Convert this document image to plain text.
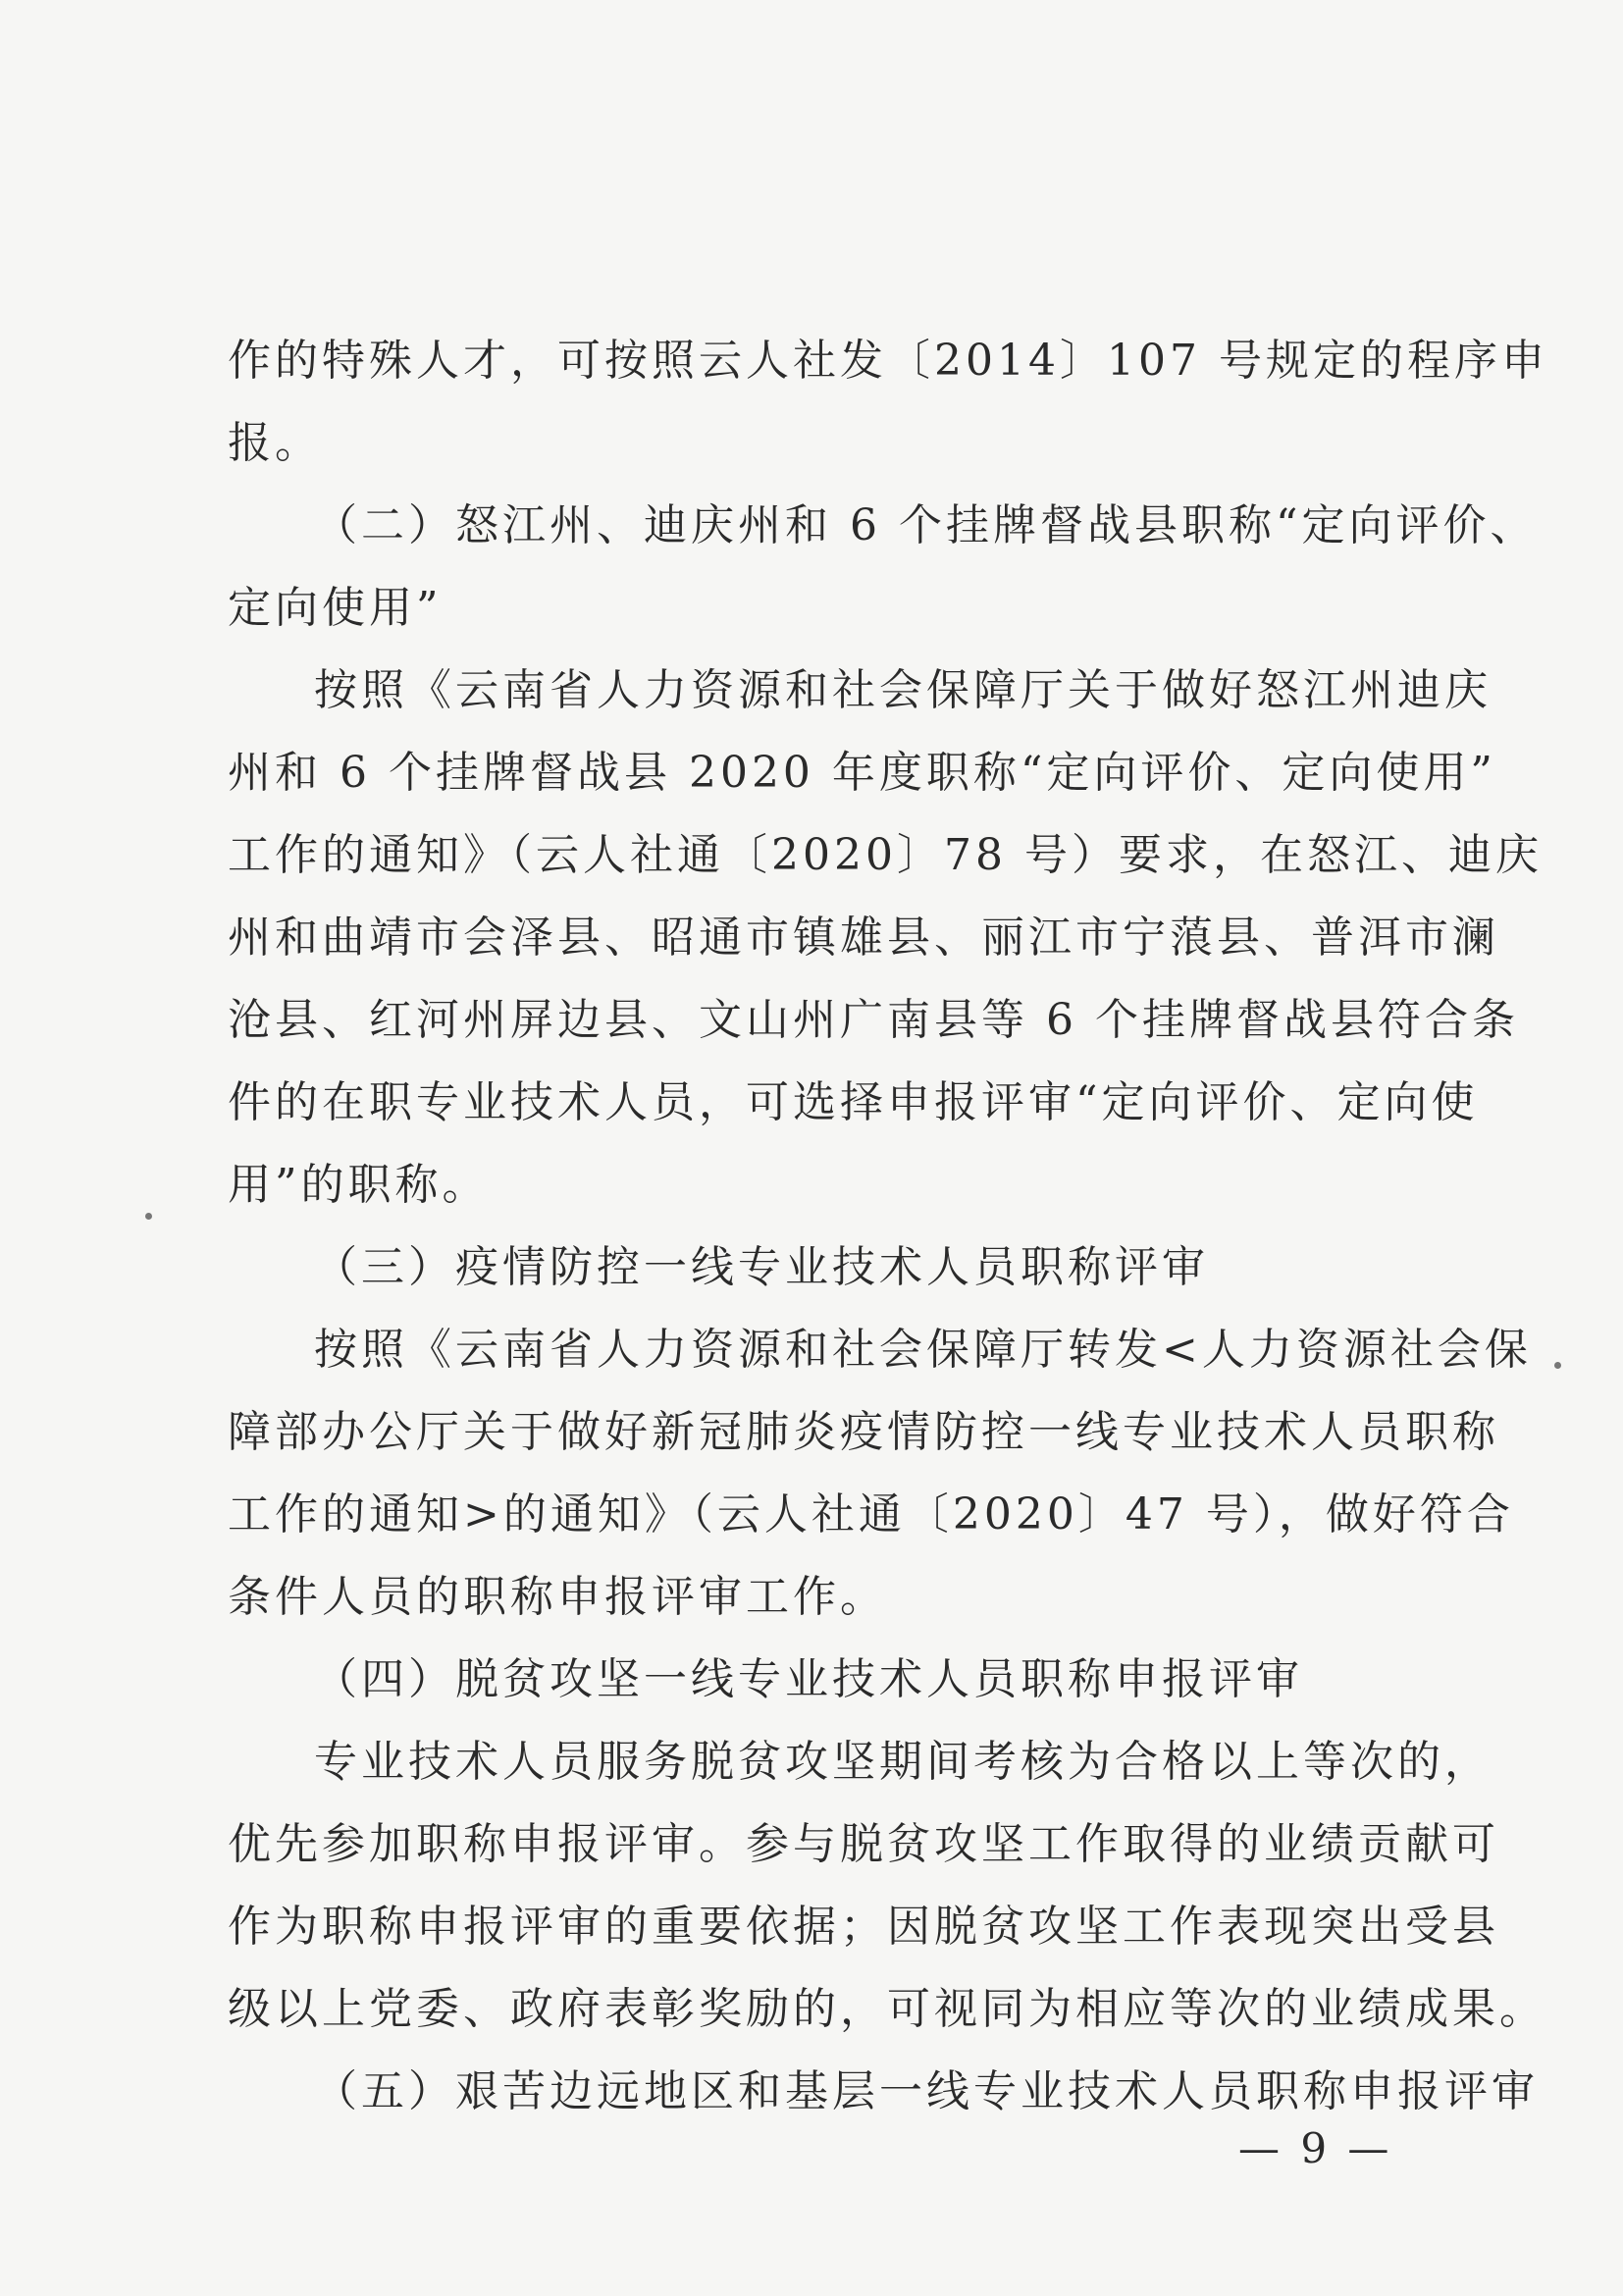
作的特殊人才，可按照云人社发〔2014〕107 号规定的程序申
报。
（二）怒江州、迪庆州和 6 个挂牌督战县职称“定向评价、
定向使用”
按照《云南省人力资源和社会保障厅关于做好怒江州迪庆
州和 6 个挂牌督战县 2020 年度职称“定向评价、定向使用”
工作的通知》（云人社通〔2020〕78 号）要求，在怒江、迪庆
州和曲靖市会泽县、昭通市镇雄县、丽江市宁蒗县、普洱市澜
沧县、红河州屏边县、文山州广南县等 6 个挂牌督战县符合条
件的在职专业技术人员，可选择申报评审“定向评价、定向使
用”的职称。
（三）疫情防控一线专业技术人员职称评审
按照《云南省人力资源和社会保障厅转发<人力资源社会保
障部办公厅关于做好新冠肺炎疫情防控一线专业技术人员职称
工作的通知>的通知》（云人社通〔2020〕47 号），做好符合
条件人员的职称申报评审工作。
（四）脱贫攻坚一线专业技术人员职称申报评审
专业技术人员服务脱贫攻坚期间考核为合格以上等次的，
优先参加职称申报评审。参与脱贫攻坚工作取得的业绩贡献可
作为职称申报评审的重要依据；因脱贫攻坚工作表现突出受县
级以上党委、政府表彰奖励的，可视同为相应等次的业绩成果。
（五）艰苦边远地区和基层一线专业技术人员职称申报评审
— 9 —
